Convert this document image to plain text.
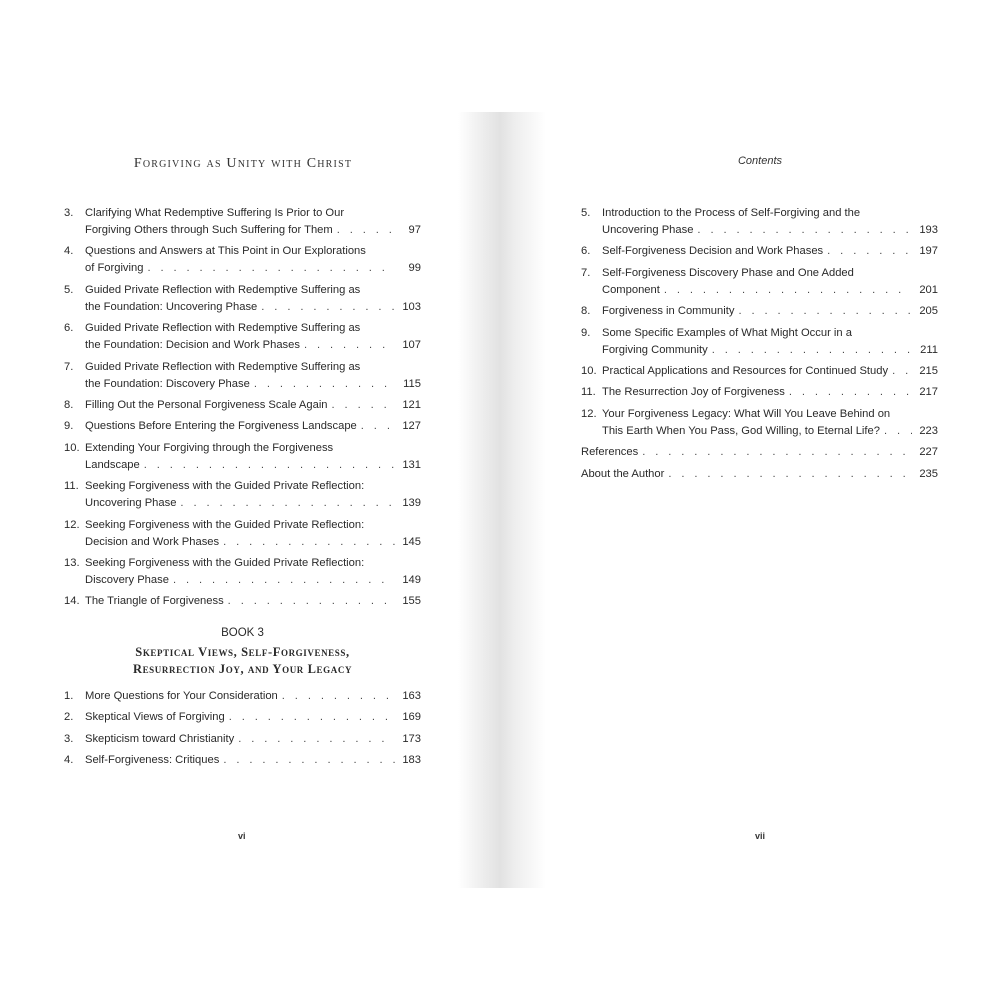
Forgiving as Unity with Christ
3.	Clarifying What Redemptive Suffering Is Prior to Our
Forgiving Others through Such Suffering for Them . . .	97
4.	Questions and Answers at This Point in Our Explorations
of Forgiving . . .	99
5.	Guided Private Reflection with Redemptive Suffering as
the Foundation: Uncovering Phase . . .	103
6.	Guided Private Reflection with Redemptive Suffering as
the Foundation: Decision and Work Phases . . .	107
7.	Guided Private Reflection with Redemptive Suffering as
the Foundation: Discovery Phase . . .	115
8.	Filling Out the Personal Forgiveness Scale Again . . .	121
9.	Questions Before Entering the Forgiveness Landscape . . .	127
10. Extending Your Forgiving through the Forgiveness
Landscape . . .	131
11. Seeking Forgiveness with the Guided Private Reflection:
Uncovering Phase . . .	139
12. Seeking Forgiveness with the Guided Private Reflection:
Decision and Work Phases . . .	145
13. Seeking Forgiveness with the Guided Private Reflection:
Discovery Phase . . .	149
14. The Triangle of Forgiveness . . .	155
BOOK 3
Skeptical Views, Self-Forgiveness,
Resurrection Joy, and Your Legacy
1.	More Questions for Your Consideration . . .	163
2.	Skeptical Views of Forgiving . . .	169
3.	Skepticism toward Christianity . . .	173
4.	Self-Forgiveness: Critiques . . .	183
vi
Contents
5.	Introduction to the Process of Self-Forgiving and the
Uncovering Phase . . .	193
6.	Self-Forgiveness Decision and Work Phases . . .	197
7.	Self-Forgiveness Discovery Phase and One Added
Component . . .	201
8.	Forgiveness in Community . . .	205
9.	Some Specific Examples of What Might Occur in a
Forgiving Community . . .	211
10. Practical Applications and Resources for Continued Study . . .	215
11. The Resurrection Joy of Forgiveness . . .	217
12. Your Forgiveness Legacy: What Will You Leave Behind on
This Earth When You Pass, God Willing, to Eternal Life? . . .	223
References . . .	227
About the Author . . .	235
vii
